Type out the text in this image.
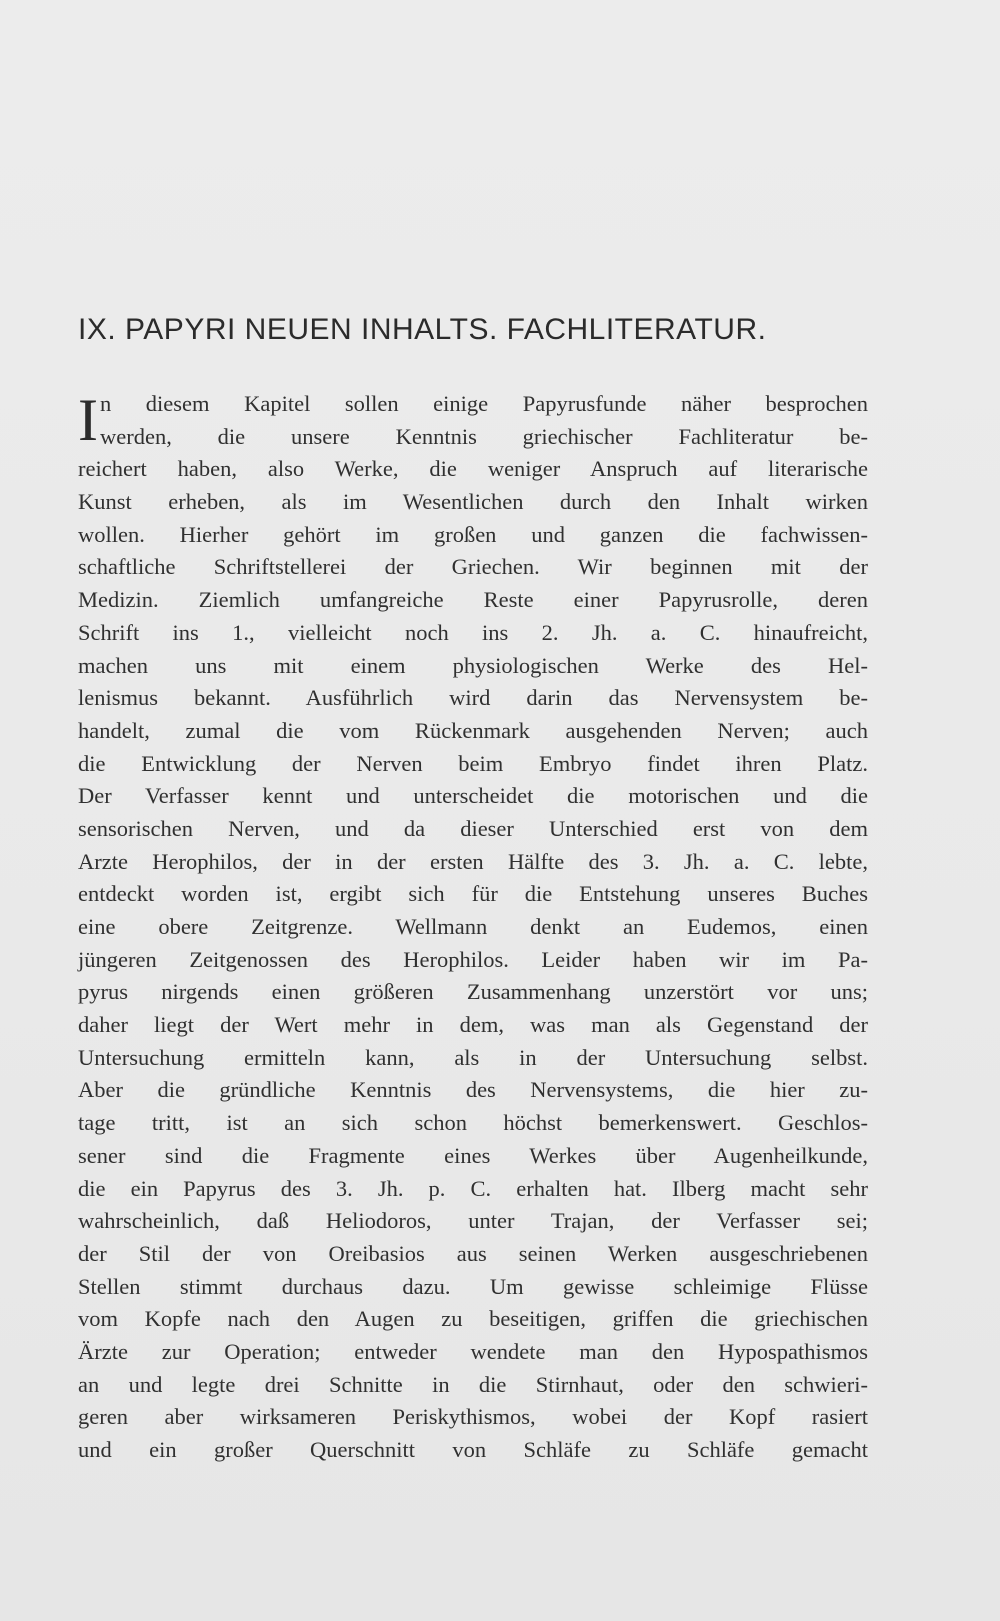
IX. PAPYRI NEUEN INHALTS. FACHLITERATUR.
I n diesem Kapitel sollen einige Papyrusfunde näher besprochen
werden, die unsere Kenntnis griechischer Fachliteratur be-
reichert haben, also Werke, die weniger Anspruch auf literarische
Kunst erheben, als im Wesentlichen durch den Inhalt wirken
wollen. Hierher gehört im großen und ganzen die fachwissen-
schaftliche Schriftstellerei der Griechen. Wir beginnen mit der
Medizin. Ziemlich umfangreiche Reste einer Papyrusrolle, deren
Schrift ins 1., vielleicht noch ins 2. Jh. a. C. hinaufreicht,
machen uns mit einem physiologischen Werke des Hel-
lenismus bekannt. Ausführlich wird darin das Nervensystem be-
handelt, zumal die vom Rückenmark ausgehenden Nerven; auch
die Entwicklung der Nerven beim Embryo findet ihren Platz.
Der Verfasser kennt und unterscheidet die motorischen und die
sensorischen Nerven, und da dieser Unterschied erst von dem
Arzte Herophilos, der in der ersten Hälfte des 3. Jh. a. C. lebte,
entdeckt worden ist, ergibt sich für die Entstehung unseres Buches
eine obere Zeitgrenze. Wellmann denkt an Eudemos, einen
jüngeren Zeitgenossen des Herophilos. Leider haben wir im Pa-
pyrus nirgends einen größeren Zusammenhang unzerstört vor uns;
daher liegt der Wert mehr in dem, was man als Gegenstand der
Untersuchung ermitteln kann, als in der Untersuchung selbst.
Aber die gründliche Kenntnis des Nervensystems, die hier zu-
tage tritt, ist an sich schon höchst bemerkenswert. Geschlos-
sener sind die Fragmente eines Werkes über Augenheilkunde,
die ein Papyrus des 3. Jh. p. C. erhalten hat. Ilberg macht sehr
wahrscheinlich, daß Heliodoros, unter Trajan, der Verfasser sei;
der Stil der von Oreibasios aus seinen Werken ausgeschriebenen
Stellen stimmt durchaus dazu. Um gewisse schleimige Flüsse
vom Kopfe nach den Augen zu beseitigen, griffen die griechischen
Ärzte zur Operation; entweder wendete man den Hypospathismos
an und legte drei Schnitte in die Stirnhaut, oder den schwieri-
geren aber wirksameren Periskythismos, wobei der Kopf rasiert
und ein großer Querschnitt von Schläfe zu Schläfe gemacht
